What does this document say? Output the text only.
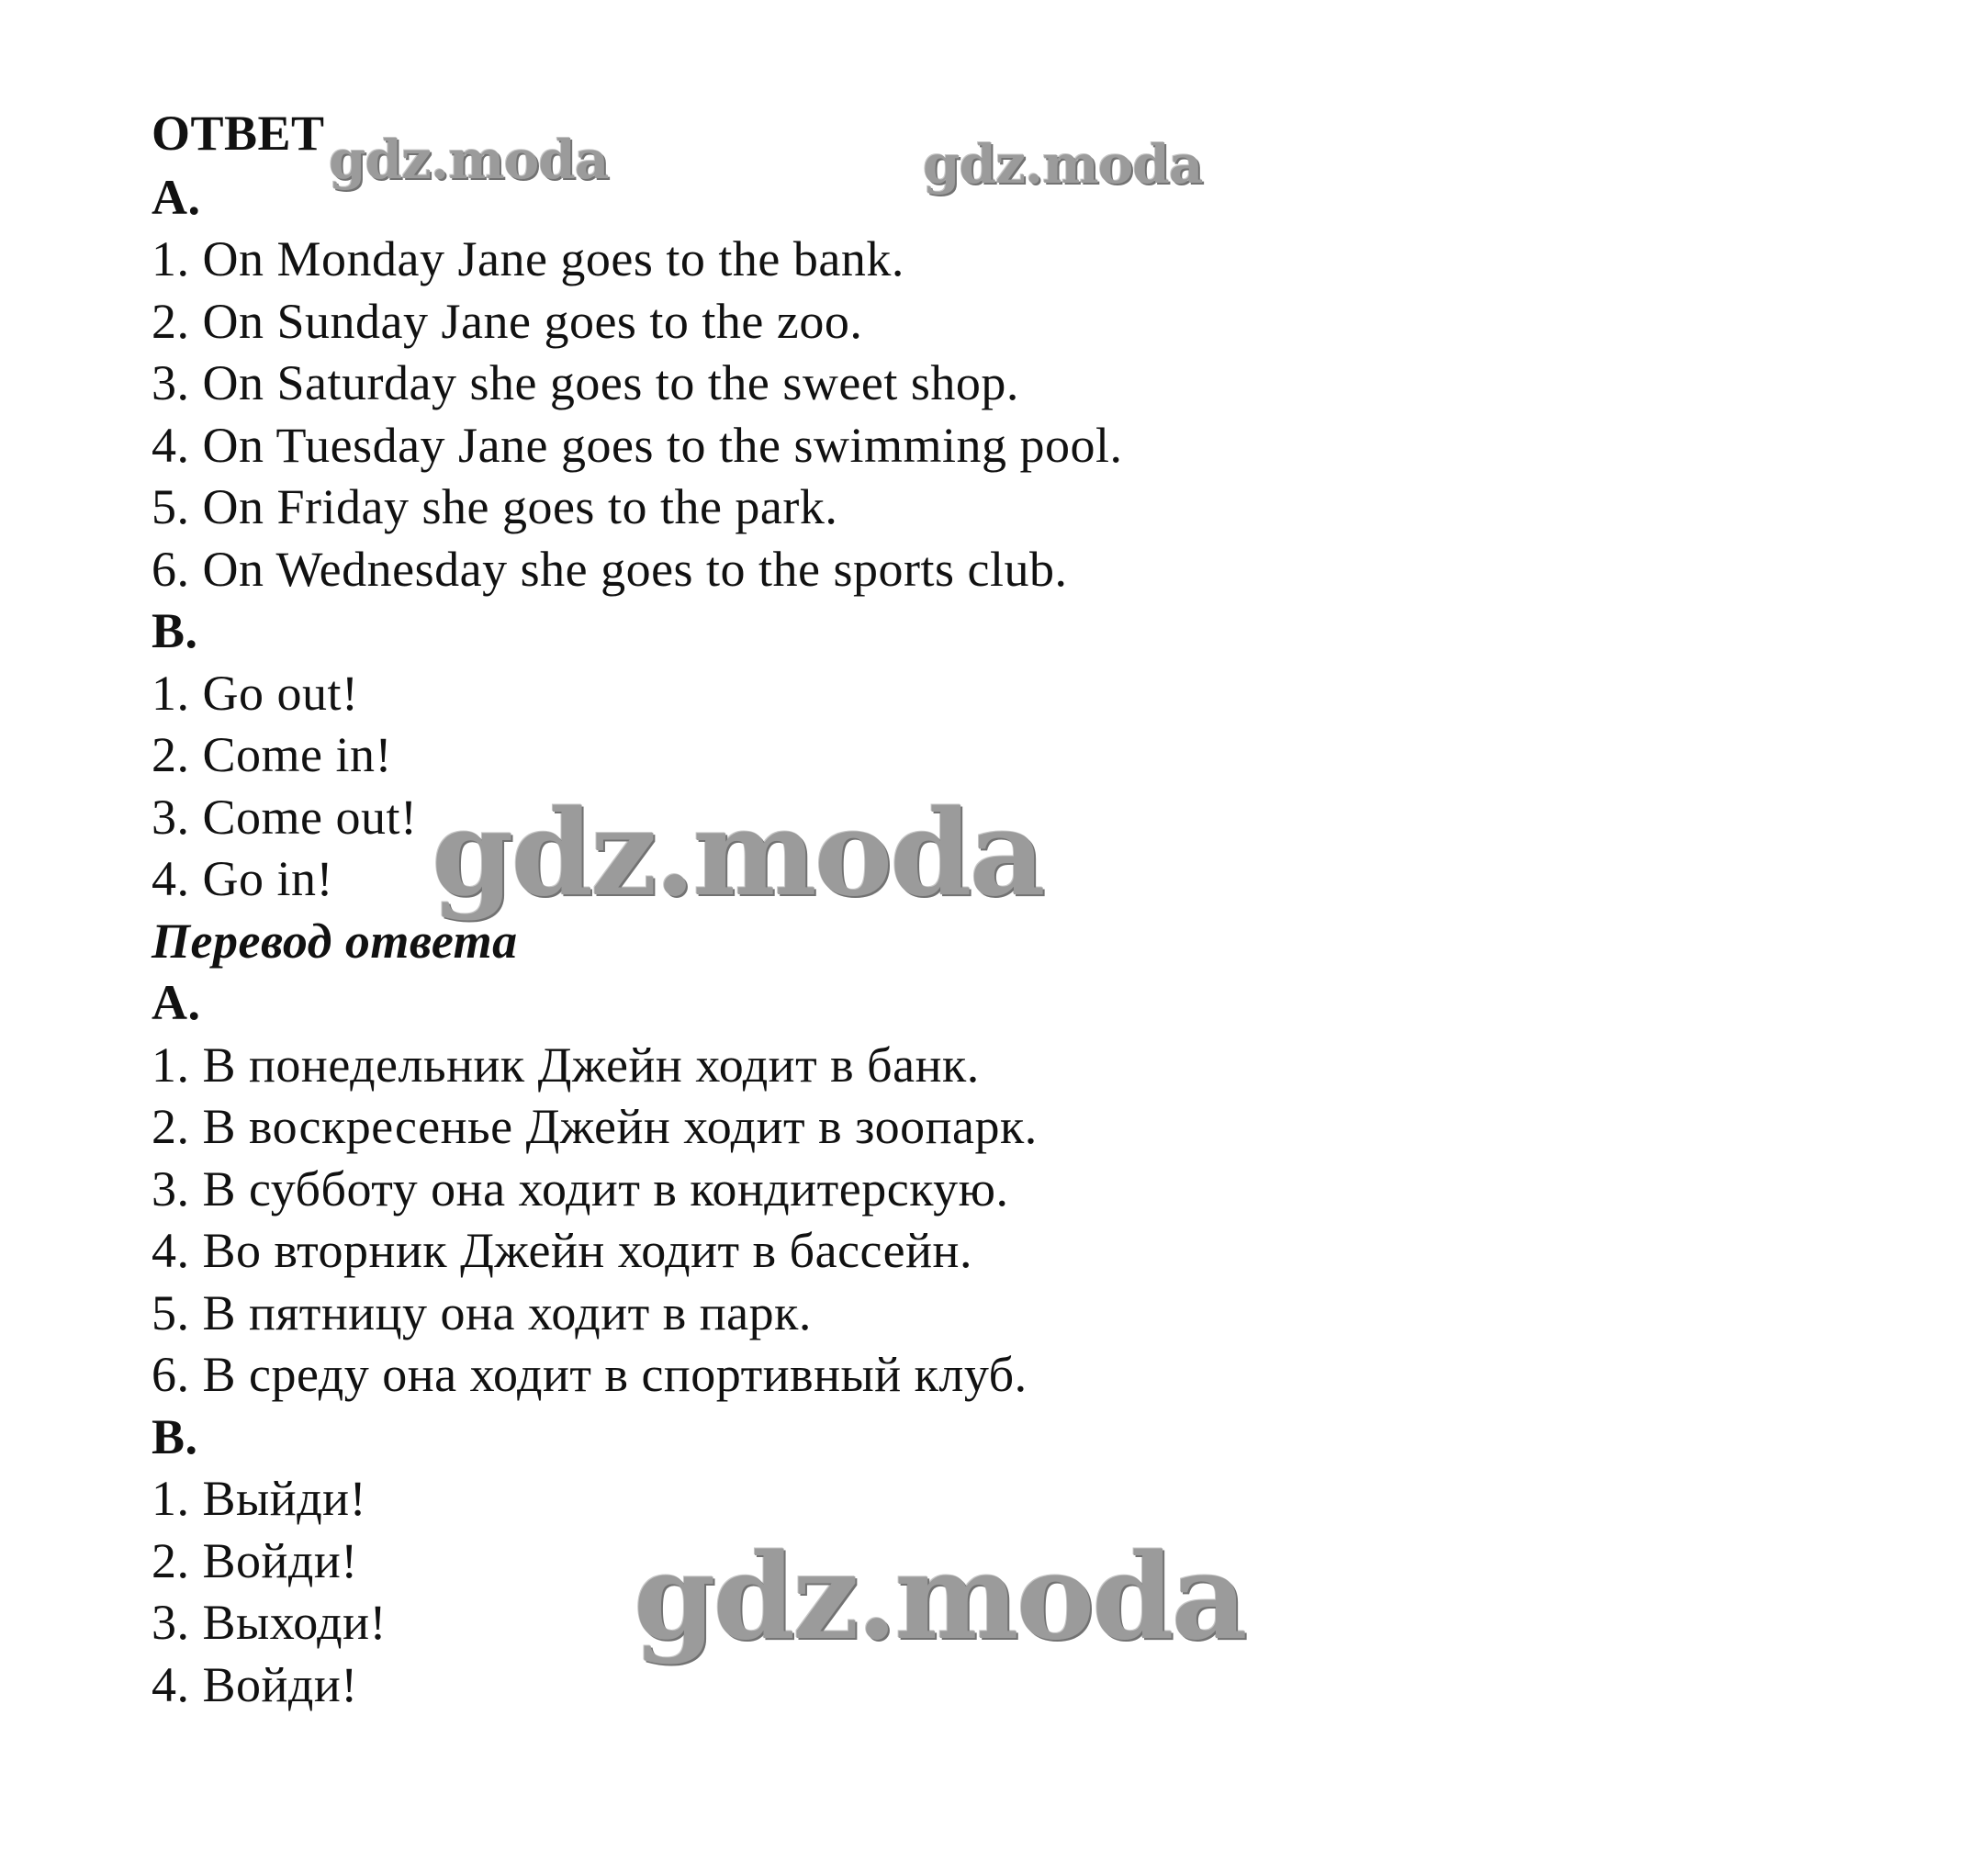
ОТВЕТ
A.
1. On Monday Jane goes to the bank.
2. On Sunday Jane goes to the zoo.
3. On Saturday she goes to the sweet shop.
4. On Tuesday Jane goes to the swimming pool.
5. On Friday she goes to the park.
6. On Wednesday she goes to the sports club.
B.
1. Go out!
2. Come in!
3. Come out!
4. Go in!
Перевод ответа
A.
1. В понедельник Джейн ходит в банк.
2. В воскресенье Джейн ходит в зоопарк.
3. В субботу она ходит в кондитерскую.
4. Во вторник Джейн ходит в бассейн.
5. В пятницу она ходит в парк.
6. В среду она ходит в спортивный клуб.
B.
1. Выйди!
2. Войди!
3. Выходи!
4. Войди!
gdz.moda	gdz.moda
gdz.moda
gdz.moda
